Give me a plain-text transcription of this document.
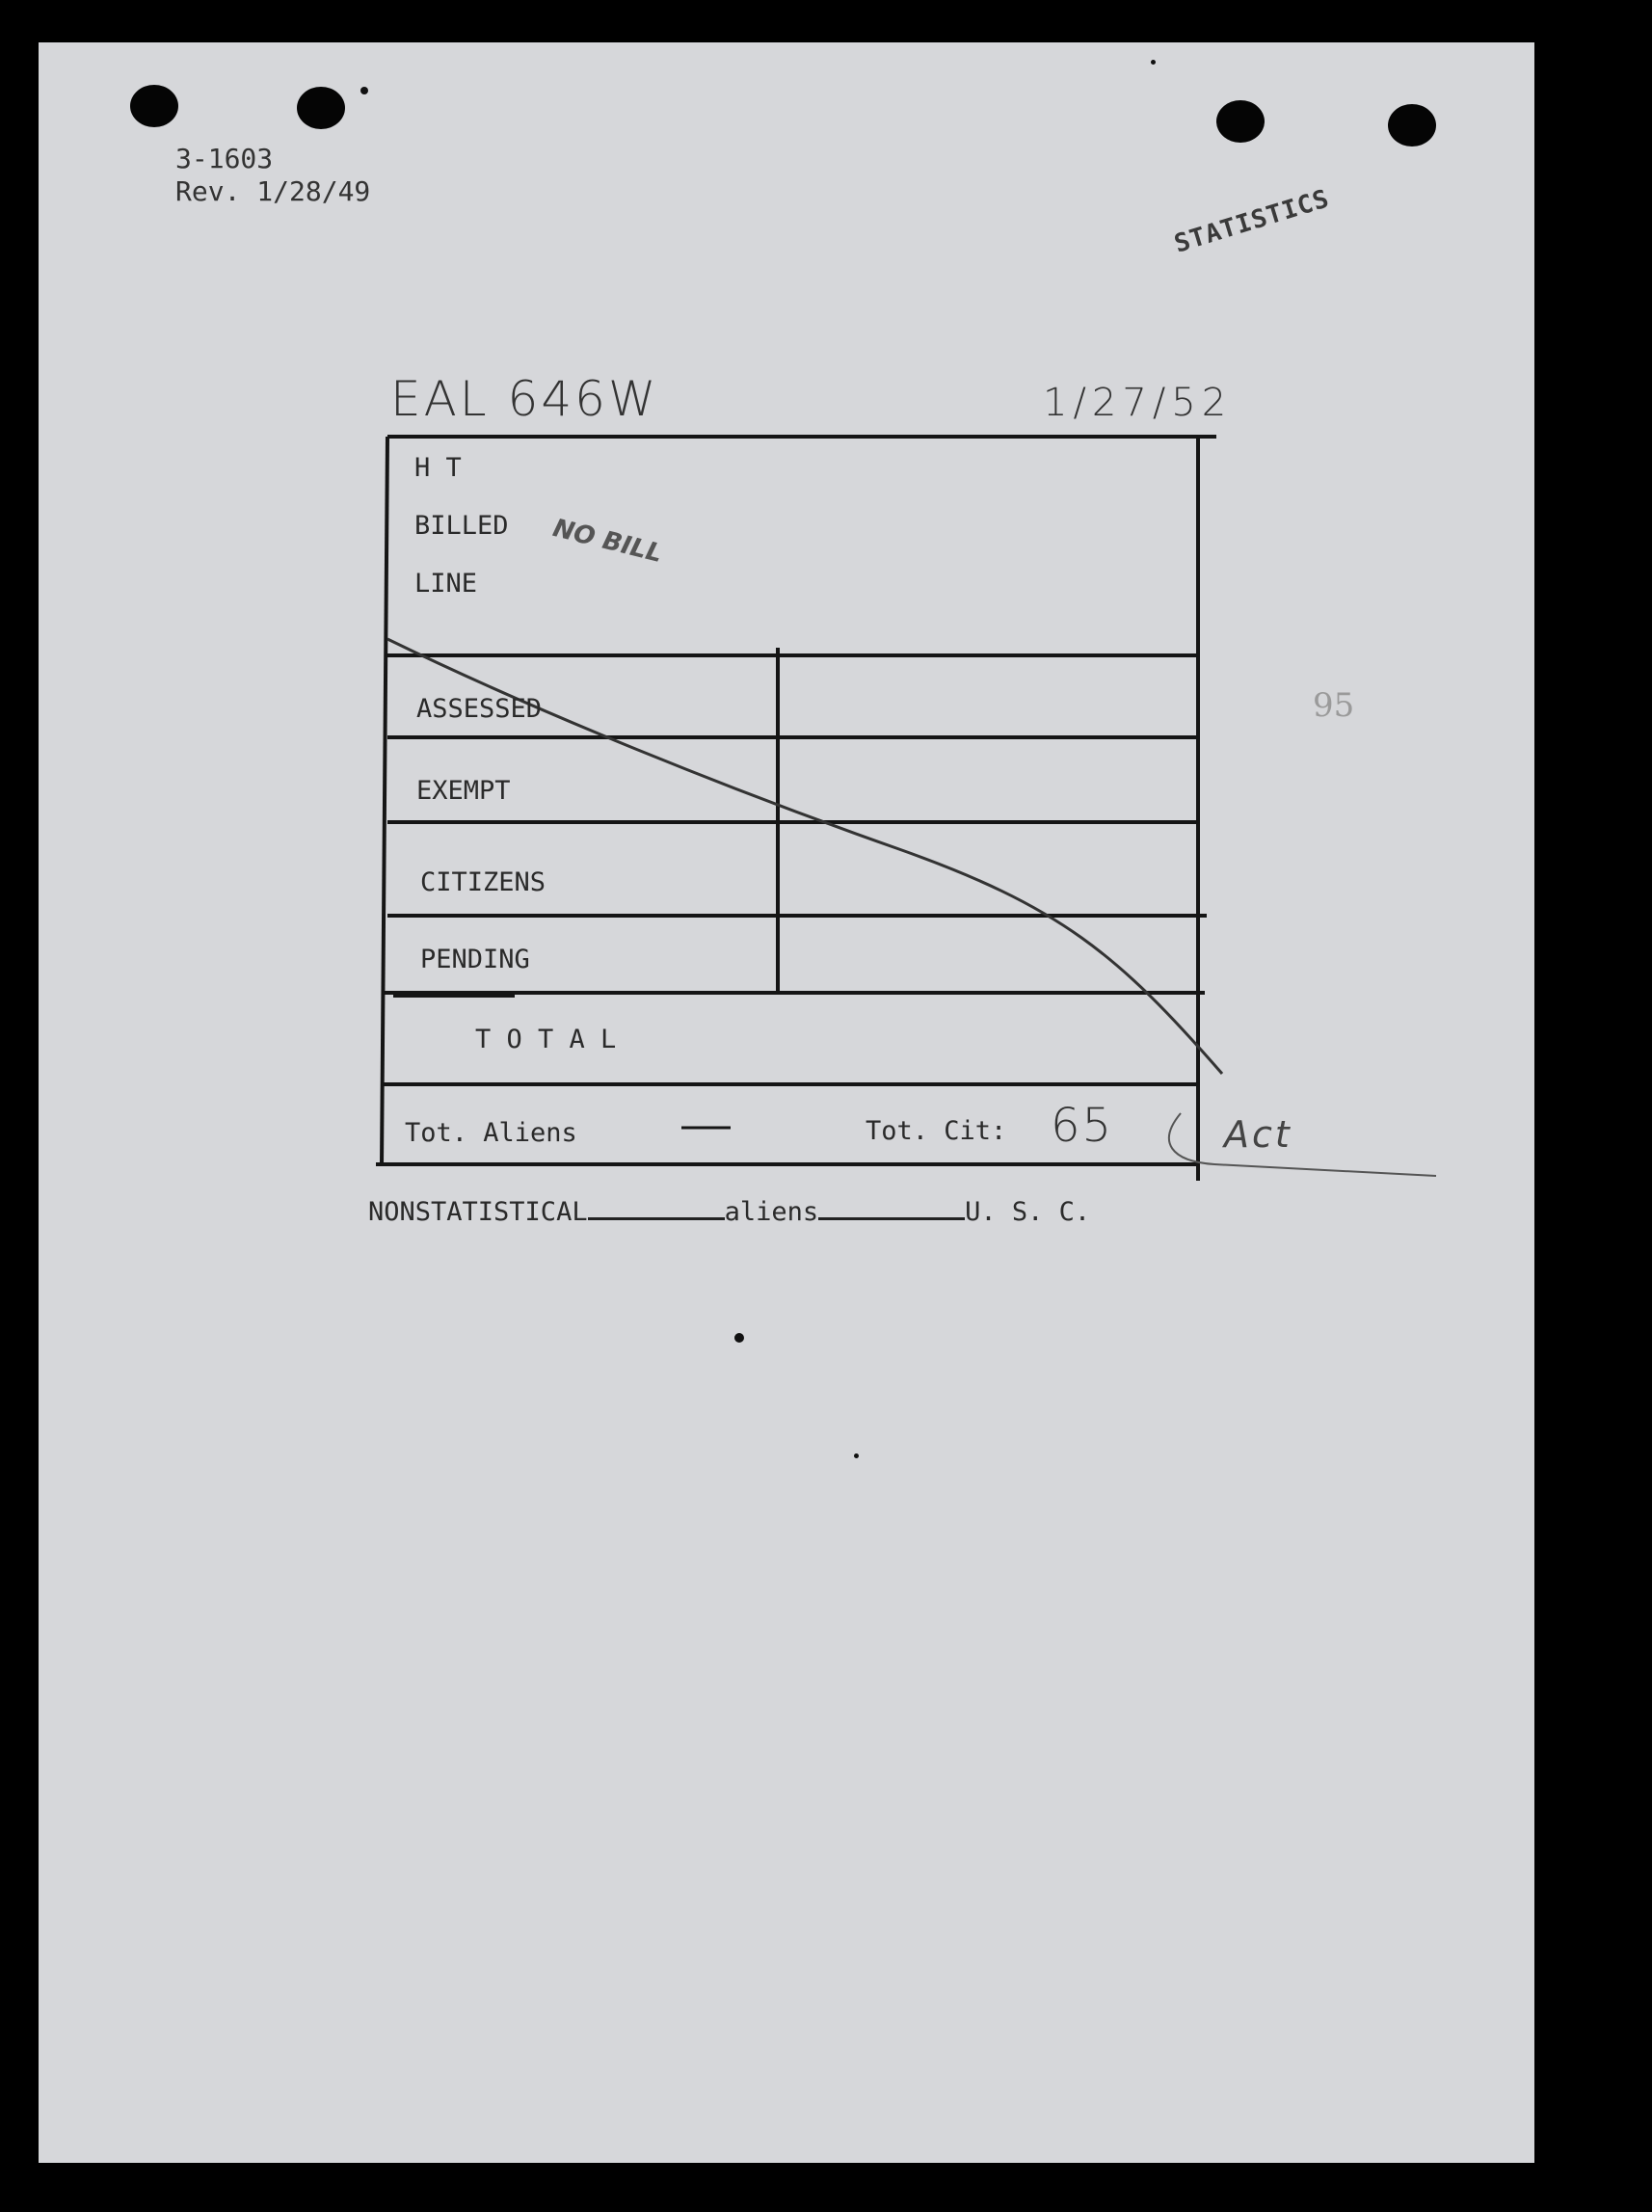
3-1603
Rev. 1/28/49	STATISTICS
EAL 646W	1/27/52
95
H T
BILLED
LINE
NO BILL
ASSESSED
EXEMPT
CITIZENS
PENDING
T O T A L
Tot. Aliens	Tot. Cit: 65	Act
NONSTATISTICAL	aliens	U. S. C.
